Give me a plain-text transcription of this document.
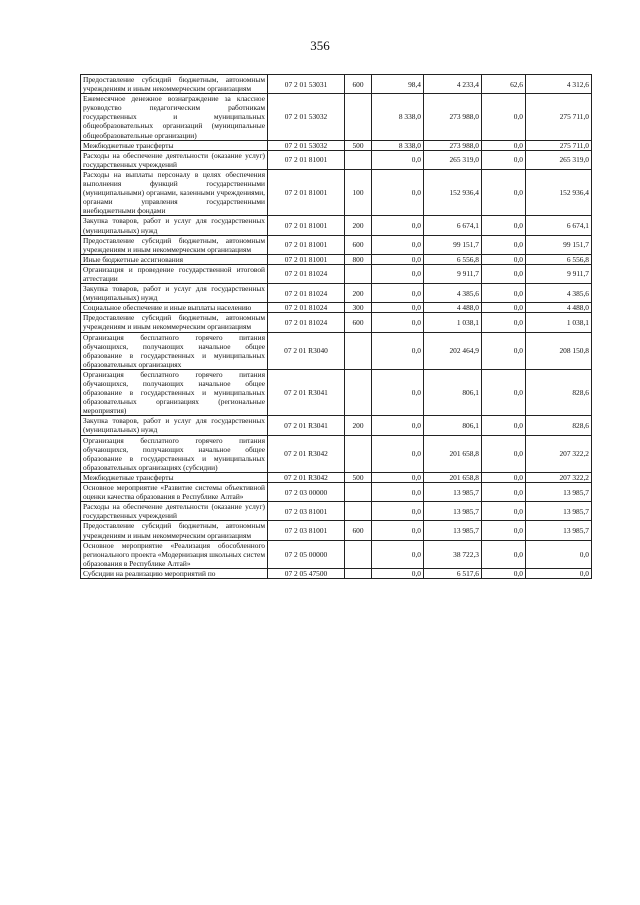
356
Предоставление субсидий бюджетным, автономным учреждениям и иным некоммерческим организациям	07 2 01 53031	600	98,4	4 233,4	62,6	4 312,6
Ежемесячное денежное вознаграждение за классное руководство педагогическим работникам государственных и муниципальных общеобразовательных организаций (муниципальные общеобразовательные организации)	07 2 01 53032		8 338,0	273 988,0	0,0	275 711,0
Межбюджетные трансферты	07 2 01 53032	500	8 338,0	273 988,0	0,0	275 711,0
Расходы на обеспечение деятельности (оказание услуг) государственных учреждений	07 2 01 81001		0,0	265 319,0	0,0	265 319,0
Расходы на выплаты персоналу в целях обеспечения выполнения функций государственными (муниципальными) органами, казенными учреждениями, органами управления государственными внебюджетными фондами	07 2 01 81001	100	0,0	152 936,4	0,0	152 936,4
Закупка товаров, работ и услуг для государственных (муниципальных) нужд	07 2 01 81001	200	0,0	6 674,1	0,0	6 674,1
Предоставление субсидий бюджетным, автономным учреждениям и иным некоммерческим организациям	07 2 01 81001	600	0,0	99 151,7	0,0	99 151,7
Иные бюджетные ассигнования	07 2 01 81001	800	0,0	6 556,8	0,0	6 556,8
Организация и проведение государственной итоговой аттестации	07 2 01 81024		0,0	9 911,7	0,0	9 911,7
Закупка товаров, работ и услуг для государственных (муниципальных) нужд	07 2 01 81024	200	0,0	4 385,6	0,0	4 385,6
Социальное обеспечение и иные выплаты населению	07 2 01 81024	300	0,0	4 488,0	0,0	4 488,0
Предоставление субсидий бюджетным, автономным учреждениям и иным некоммерческим организациям	07 2 01 81024	600	0,0	1 038,1	0,0	1 038,1
Организация бесплатного горячего питания обучающихся, получающих начальное общее образование в государственных и муниципальных образовательных организациях	07 2 01 R3040		0,0	202 464,9	0,0	208 150,8
Организация бесплатного горячего питания обучающихся, получающих начальное общее образование в государственных и муниципальных образовательных организациях (региональные мероприятия)	07 2 01 R3041		0,0	806,1	0,0	828,6
Закупка товаров, работ и услуг для государственных (муниципальных) нужд	07 2 01 R3041	200	0,0	806,1	0,0	828,6
Организация бесплатного горячего питания обучающихся, получающих начальное общее образование в государственных и муниципальных образовательных организациях (субсидии)	07 2 01 R3042		0,0	201 658,8	0,0	207 322,2
Межбюджетные трансферты	07 2 01 R3042	500	0,0	201 658,8	0,0	207 322,2
Основное мероприятие «Развитие системы объективной оценки качества образования в Республике Алтай»	07 2 03 00000		0,0	13 985,7	0,0	13 985,7
Расходы на обеспечение деятельности (оказание услуг) государственных учреждений	07 2 03 81001		0,0	13 985,7	0,0	13 985,7
Предоставление субсидий бюджетным, автономным учреждениям и иным некоммерческим организациям	07 2 03 81001	600	0,0	13 985,7	0,0	13 985,7
Основное мероприятие «Реализация обособленного регионального проекта «Модернизация школьных систем образования в Республике Алтай»	07 2 05 00000		0,0	38 722,3	0,0	0,0
Субсидии на реализацию мероприятий по	07 2 05 47500		0,0	6 517,6	0,0	0,0
